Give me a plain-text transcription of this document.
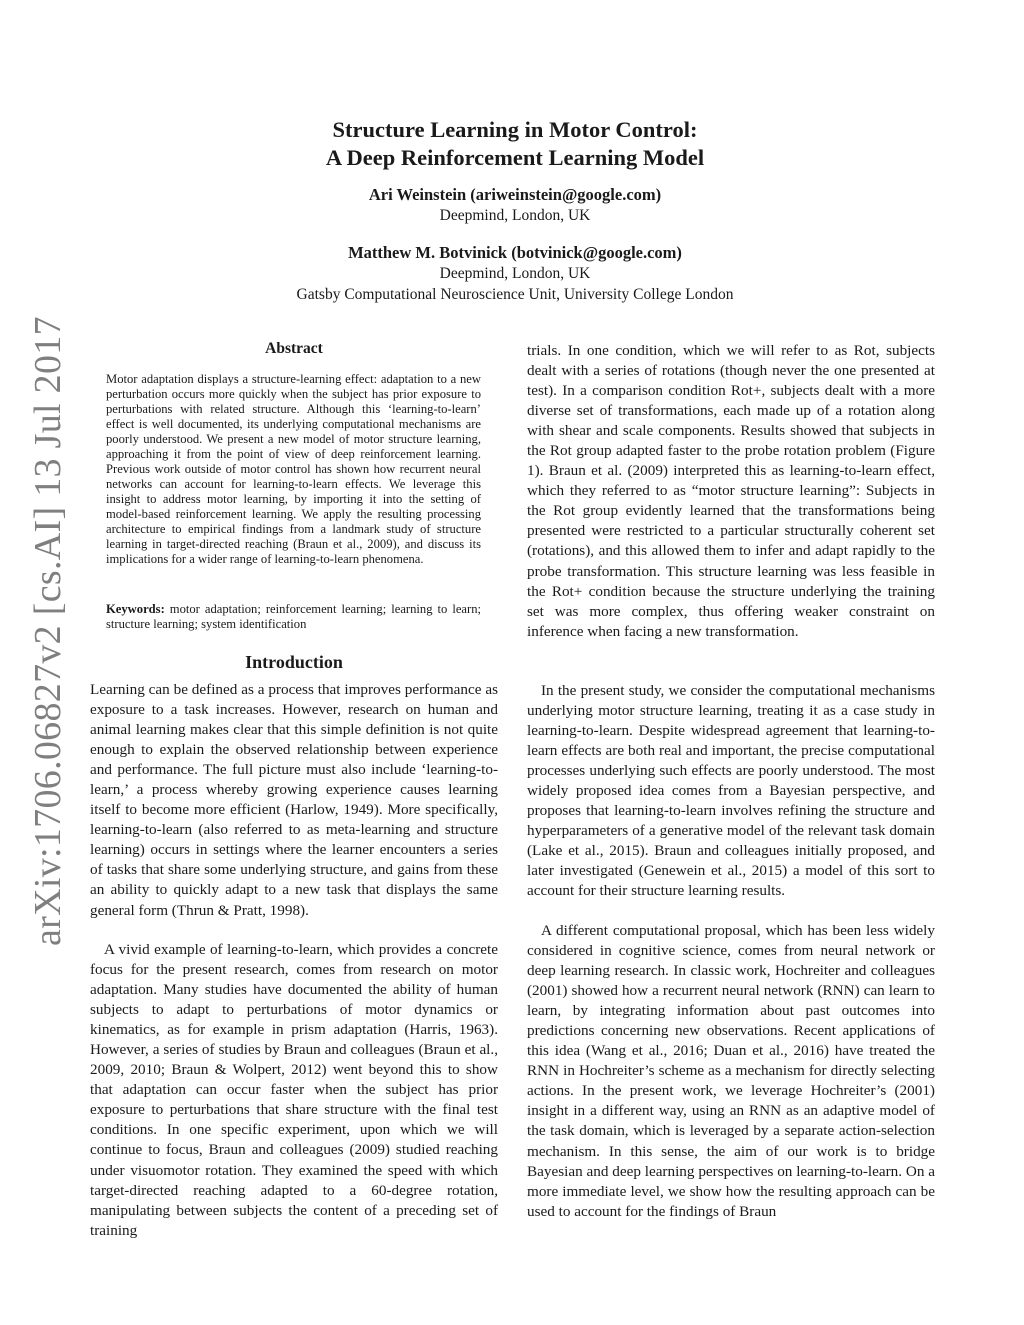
arXiv:1706.06827v2 [cs.AI] 13 Jul 2017
Structure Learning in Motor Control:
A Deep Reinforcement Learning Model
Ari Weinstein (ariweinstein@google.com)
Deepmind, London, UK
Matthew M. Botvinick (botvinick@google.com)
Deepmind, London, UK
Gatsby Computational Neuroscience Unit, University College London
Abstract
Motor adaptation displays a structure-learning effect: adaptation to a new perturbation occurs more quickly when the subject has prior exposure to perturbations with related structure. Although this ‘learning-to-learn’ effect is well documented, its underlying computational mechanisms are poorly understood. We present a new model of motor structure learning, approaching it from the point of view of deep reinforcement learning. Previous work outside of motor control has shown how recurrent neural networks can account for learning-to-learn effects. We leverage this insight to address motor learning, by importing it into the setting of model-based reinforcement learning. We apply the resulting processing architecture to empirical findings from a landmark study of structure learning in target-directed reaching (Braun et al., 2009), and discuss its implications for a wider range of learning-to-learn phenomena.
Keywords: motor adaptation; reinforcement learning; learning to learn; structure learning; system identification
Introduction
Learning can be defined as a process that improves performance as exposure to a task increases. However, research on human and animal learning makes clear that this simple definition is not quite enough to explain the observed relationship between experience and performance. The full picture must also include ‘learning-to-learn,’ a process whereby growing experience causes learning itself to become more efficient (Harlow, 1949). More specifically, learning-to-learn (also referred to as meta-learning and structure learning) occurs in settings where the learner encounters a series of tasks that share some underlying structure, and gains from these an ability to quickly adapt to a new task that displays the same general form (Thrun & Pratt, 1998).
A vivid example of learning-to-learn, which provides a concrete focus for the present research, comes from research on motor adaptation. Many studies have documented the ability of human subjects to adapt to perturbations of motor dynamics or kinematics, as for example in prism adaptation (Harris, 1963). However, a series of studies by Braun and colleagues (Braun et al., 2009, 2010; Braun & Wolpert, 2012) went beyond this to show that adaptation can occur faster when the subject has prior exposure to perturbations that share structure with the final test conditions. In one specific experiment, upon which we will continue to focus, Braun and colleagues (2009) studied reaching under visuomotor rotation. They examined the speed with which target-directed reaching adapted to a 60-degree rotation, manipulating between subjects the content of a preceding set of training
trials. In one condition, which we will refer to as Rot, subjects dealt with a series of rotations (though never the one presented at test). In a comparison condition Rot+, subjects dealt with a more diverse set of transformations, each made up of a rotation along with shear and scale components. Results showed that subjects in the Rot group adapted faster to the probe rotation problem (Figure 1). Braun et al. (2009) interpreted this as learning-to-learn effect, which they referred to as “motor structure learning”: Subjects in the Rot group evidently learned that the transformations being presented were restricted to a particular structurally coherent set (rotations), and this allowed them to infer and adapt rapidly to the probe transformation. This structure learning was less feasible in the Rot+ condition because the structure underlying the training set was more complex, thus offering weaker constraint on inference when facing a new transformation.
In the present study, we consider the computational mechanisms underlying motor structure learning, treating it as a case study in learning-to-learn. Despite widespread agreement that learning-to-learn effects are both real and important, the precise computational processes underlying such effects are poorly understood. The most widely proposed idea comes from a Bayesian perspective, and proposes that learning-to-learn involves refining the structure and hyperparameters of a generative model of the relevant task domain (Lake et al., 2015). Braun and colleagues initially proposed, and later investigated (Genewein et al., 2015) a model of this sort to account for their structure learning results.
A different computational proposal, which has been less widely considered in cognitive science, comes from neural network or deep learning research. In classic work, Hochreiter and colleagues (2001) showed how a recurrent neural network (RNN) can learn to learn, by integrating information about past outcomes into predictions concerning new observations. Recent applications of this idea (Wang et al., 2016; Duan et al., 2016) have treated the RNN in Hochreiter’s scheme as a mechanism for directly selecting actions. In the present work, we leverage Hochreiter’s (2001) insight in a different way, using an RNN as an adaptive model of the task domain, which is leveraged by a separate action-selection mechanism. In this sense, the aim of our work is to bridge Bayesian and deep learning perspectives on learning-to-learn. On a more immediate level, we show how the resulting approach can be used to account for the findings of Braun
